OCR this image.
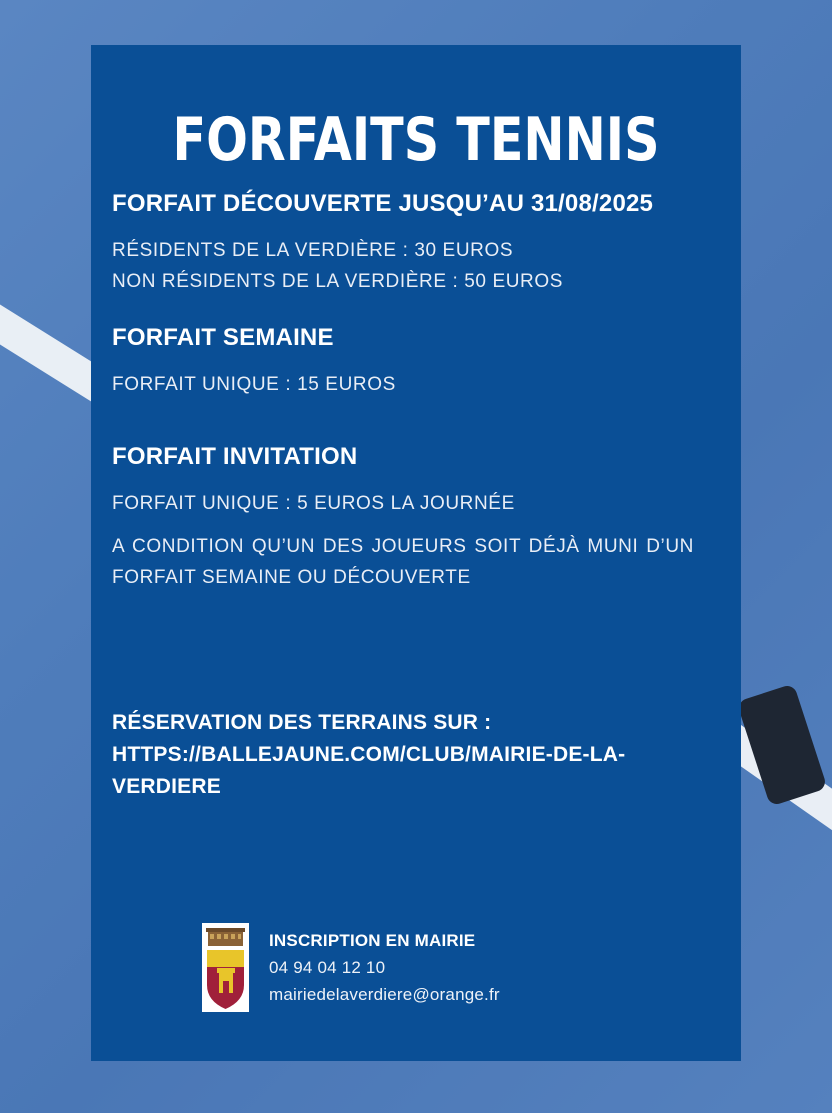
FORFAITS TENNIS
FORFAIT DÉCOUVERTE JUSQU’AU 31/08/2025
RÉSIDENTS DE LA VERDIÈRE : 30 EUROS
NON RÉSIDENTS DE LA VERDIÈRE : 50 EUROS
FORFAIT SEMAINE
FORFAIT UNIQUE : 15 EUROS
FORFAIT INVITATION
FORFAIT UNIQUE : 5 EUROS LA JOURNÉE
A CONDITION QU’UN DES JOUEURS SOIT DÉJÀ MUNI D’UN FORFAIT SEMAINE OU DÉCOUVERTE
RÉSERVATION DES TERRAINS SUR : HTTPS://BALLEJAUNE.COM/CLUB/MAIRIE-DE-LA-VERDIERE
INSCRIPTION EN MAIRIE
04 94 04 12 10
mairiedelaverdiere@orange.fr
